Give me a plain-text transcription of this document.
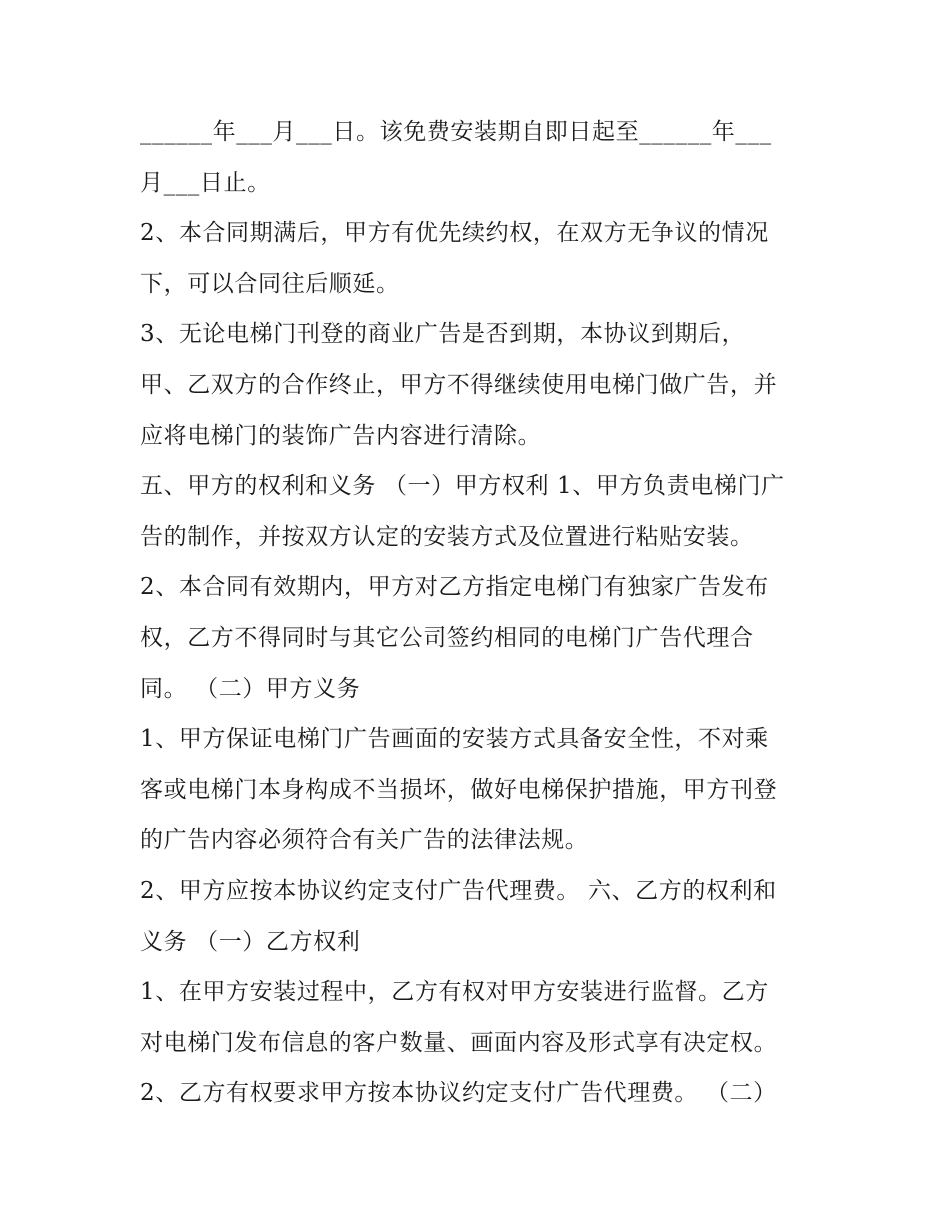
______年___月___日。该免费安装期自即日起至______年___
月___日止。
2、本合同期满后，甲方有优先续约权，在双方无争议的情况
下，可以合同往后顺延。
3、无论电梯门刊登的商业广告是否到期，本协议到期后，
甲、乙双方的合作终止，甲方不得继续使用电梯门做广告，并
应将电梯门的装饰广告内容进行清除。
五、甲方的权利和义务 （一）甲方权利 1、甲方负责电梯门广
告的制作，并按双方认定的安装方式及位置进行粘贴安装。
2、本合同有效期内，甲方对乙方指定电梯门有独家广告发布
权，乙方不得同时与其它公司签约相同的电梯门广告代理合
同。 （二）甲方义务
1、甲方保证电梯门广告画面的安装方式具备安全性，不对乘
客或电梯门本身构成不当损坏，做好电梯保护措施，甲方刊登
的广告内容必须符合有关广告的法律法规。
2、甲方应按本协议约定支付广告代理费。 六、乙方的权利和
义务 （一）乙方权利
1、在甲方安装过程中，乙方有权对甲方安装进行监督。乙方
对电梯门发布信息的客户数量、画面内容及形式享有决定权。
2、乙方有权要求甲方按本协议约定支付广告代理费。 （二）
